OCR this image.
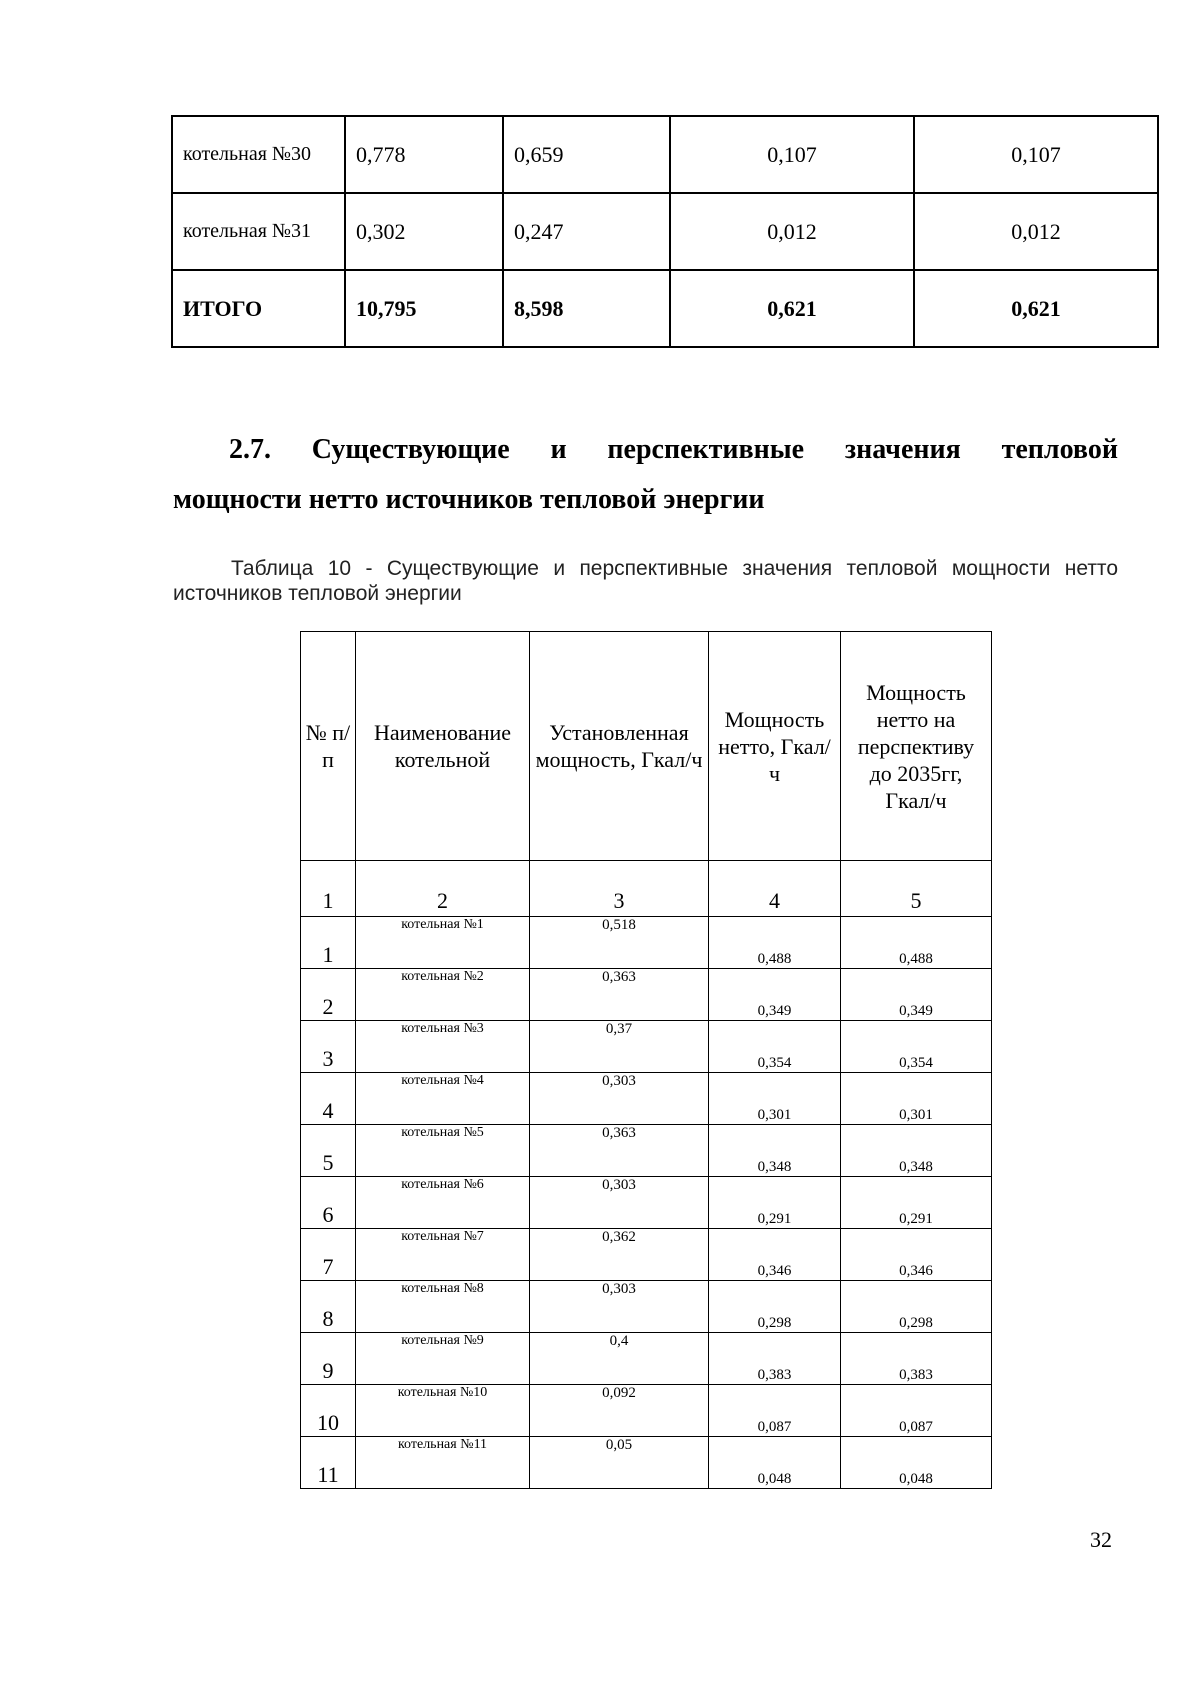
котельная №30	0,778	0,659	0,107	0,107
котельная №31	0,302	0,247	0,012	0,012
ИТОГО	10,795	8,598	0,621	0,621
2.7. Существующие и перспективные значения тепловой
мощности нетто источников тепловой энергии
Таблица 10 - Существующие и перспективные значения тепловой мощности нетто источников тепловой энергии
№ п/п	Наименование котельной	Установленная мощность, Гкал/ч	Мощность нетто, Гкал/ч	Мощность нетто на перспективу до 2035гг, Гкал/ч
1	2	3	4	5
1	котельная №1	0,518	0,488	0,488
2	котельная №2	0,363	0,349	0,349
3	котельная №3	0,37	0,354	0,354
4	котельная №4	0,303	0,301	0,301
5	котельная №5	0,363	0,348	0,348
6	котельная №6	0,303	0,291	0,291
7	котельная №7	0,362	0,346	0,346
8	котельная №8	0,303	0,298	0,298
9	котельная №9	0,4	0,383	0,383
10	котельная №10	0,092	0,087	0,087
11	котельная №11	0,05	0,048	0,048
32
